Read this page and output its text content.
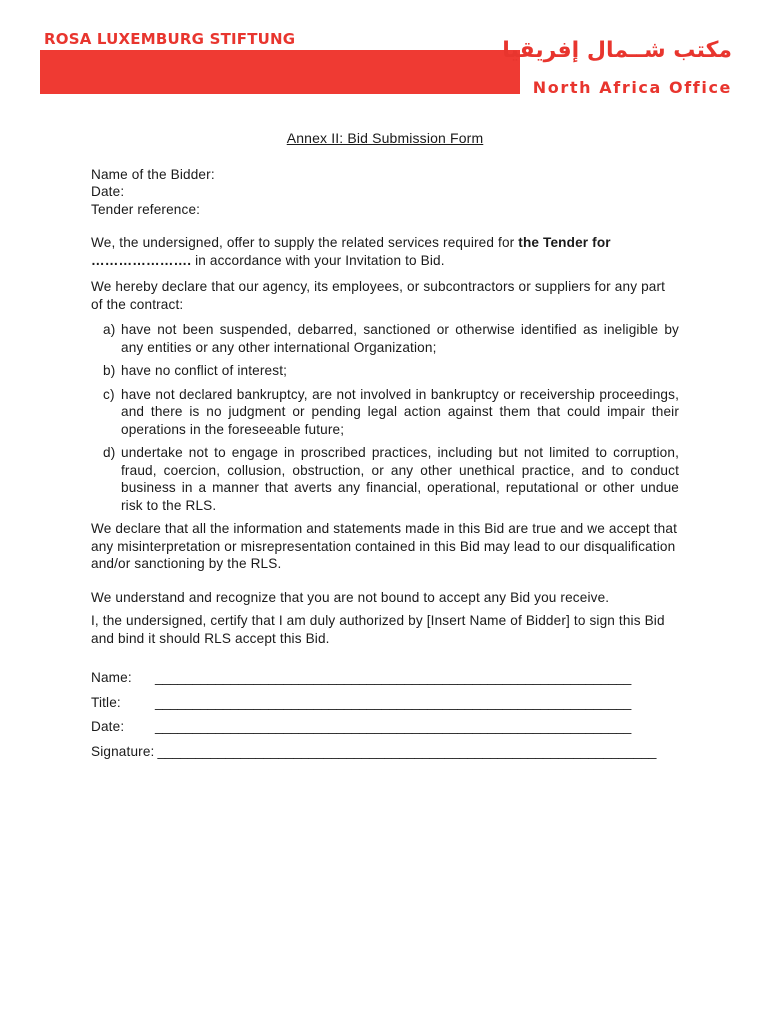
ROSA LUXEMBURG STIFTUNG	مكتب شــمال إفريقيا
North Africa Office
Annex II: Bid Submission Form

Name of the Bidder:

Date:

Tender reference:

We, the undersigned, offer to supply the related services required for the Tender for …………………. in accordance with your Invitation to Bid.

We hereby declare that our agency, its employees, or subcontractors or suppliers for any part of the contract:

a) have not been suspended, debarred, sanctioned or otherwise identified as ineligible by any entities or any other international Organization;
b) have no conflict of interest;
c) have not declared bankruptcy, are not involved in bankruptcy or receivership proceedings, and there is no judgment or pending legal action against them that could impair their operations in the foreseeable future;
d) undertake not to engage in proscribed practices, including but not limited to corruption, fraud, coercion, collusion, obstruction, or any other unethical practice, and to conduct business in a manner that averts any financial, operational, reputational or other undue risk to the RLS.

We declare that all the information and statements made in this Bid are true and we accept that any misinterpretation or misrepresentation contained in this Bid may lead to our disqualification and/or sanctioning by the RLS.

We understand and recognize that you are not bound to accept any Bid you receive.

I, the undersigned, certify that I am duly authorized by [Insert Name of Bidder] to sign this Bid and bind it should RLS accept this Bid.

Name:	_______________________________________________________________
Title:	_______________________________________________________________
Date:	_______________________________________________________________
Signature: __________________________________________________________________
